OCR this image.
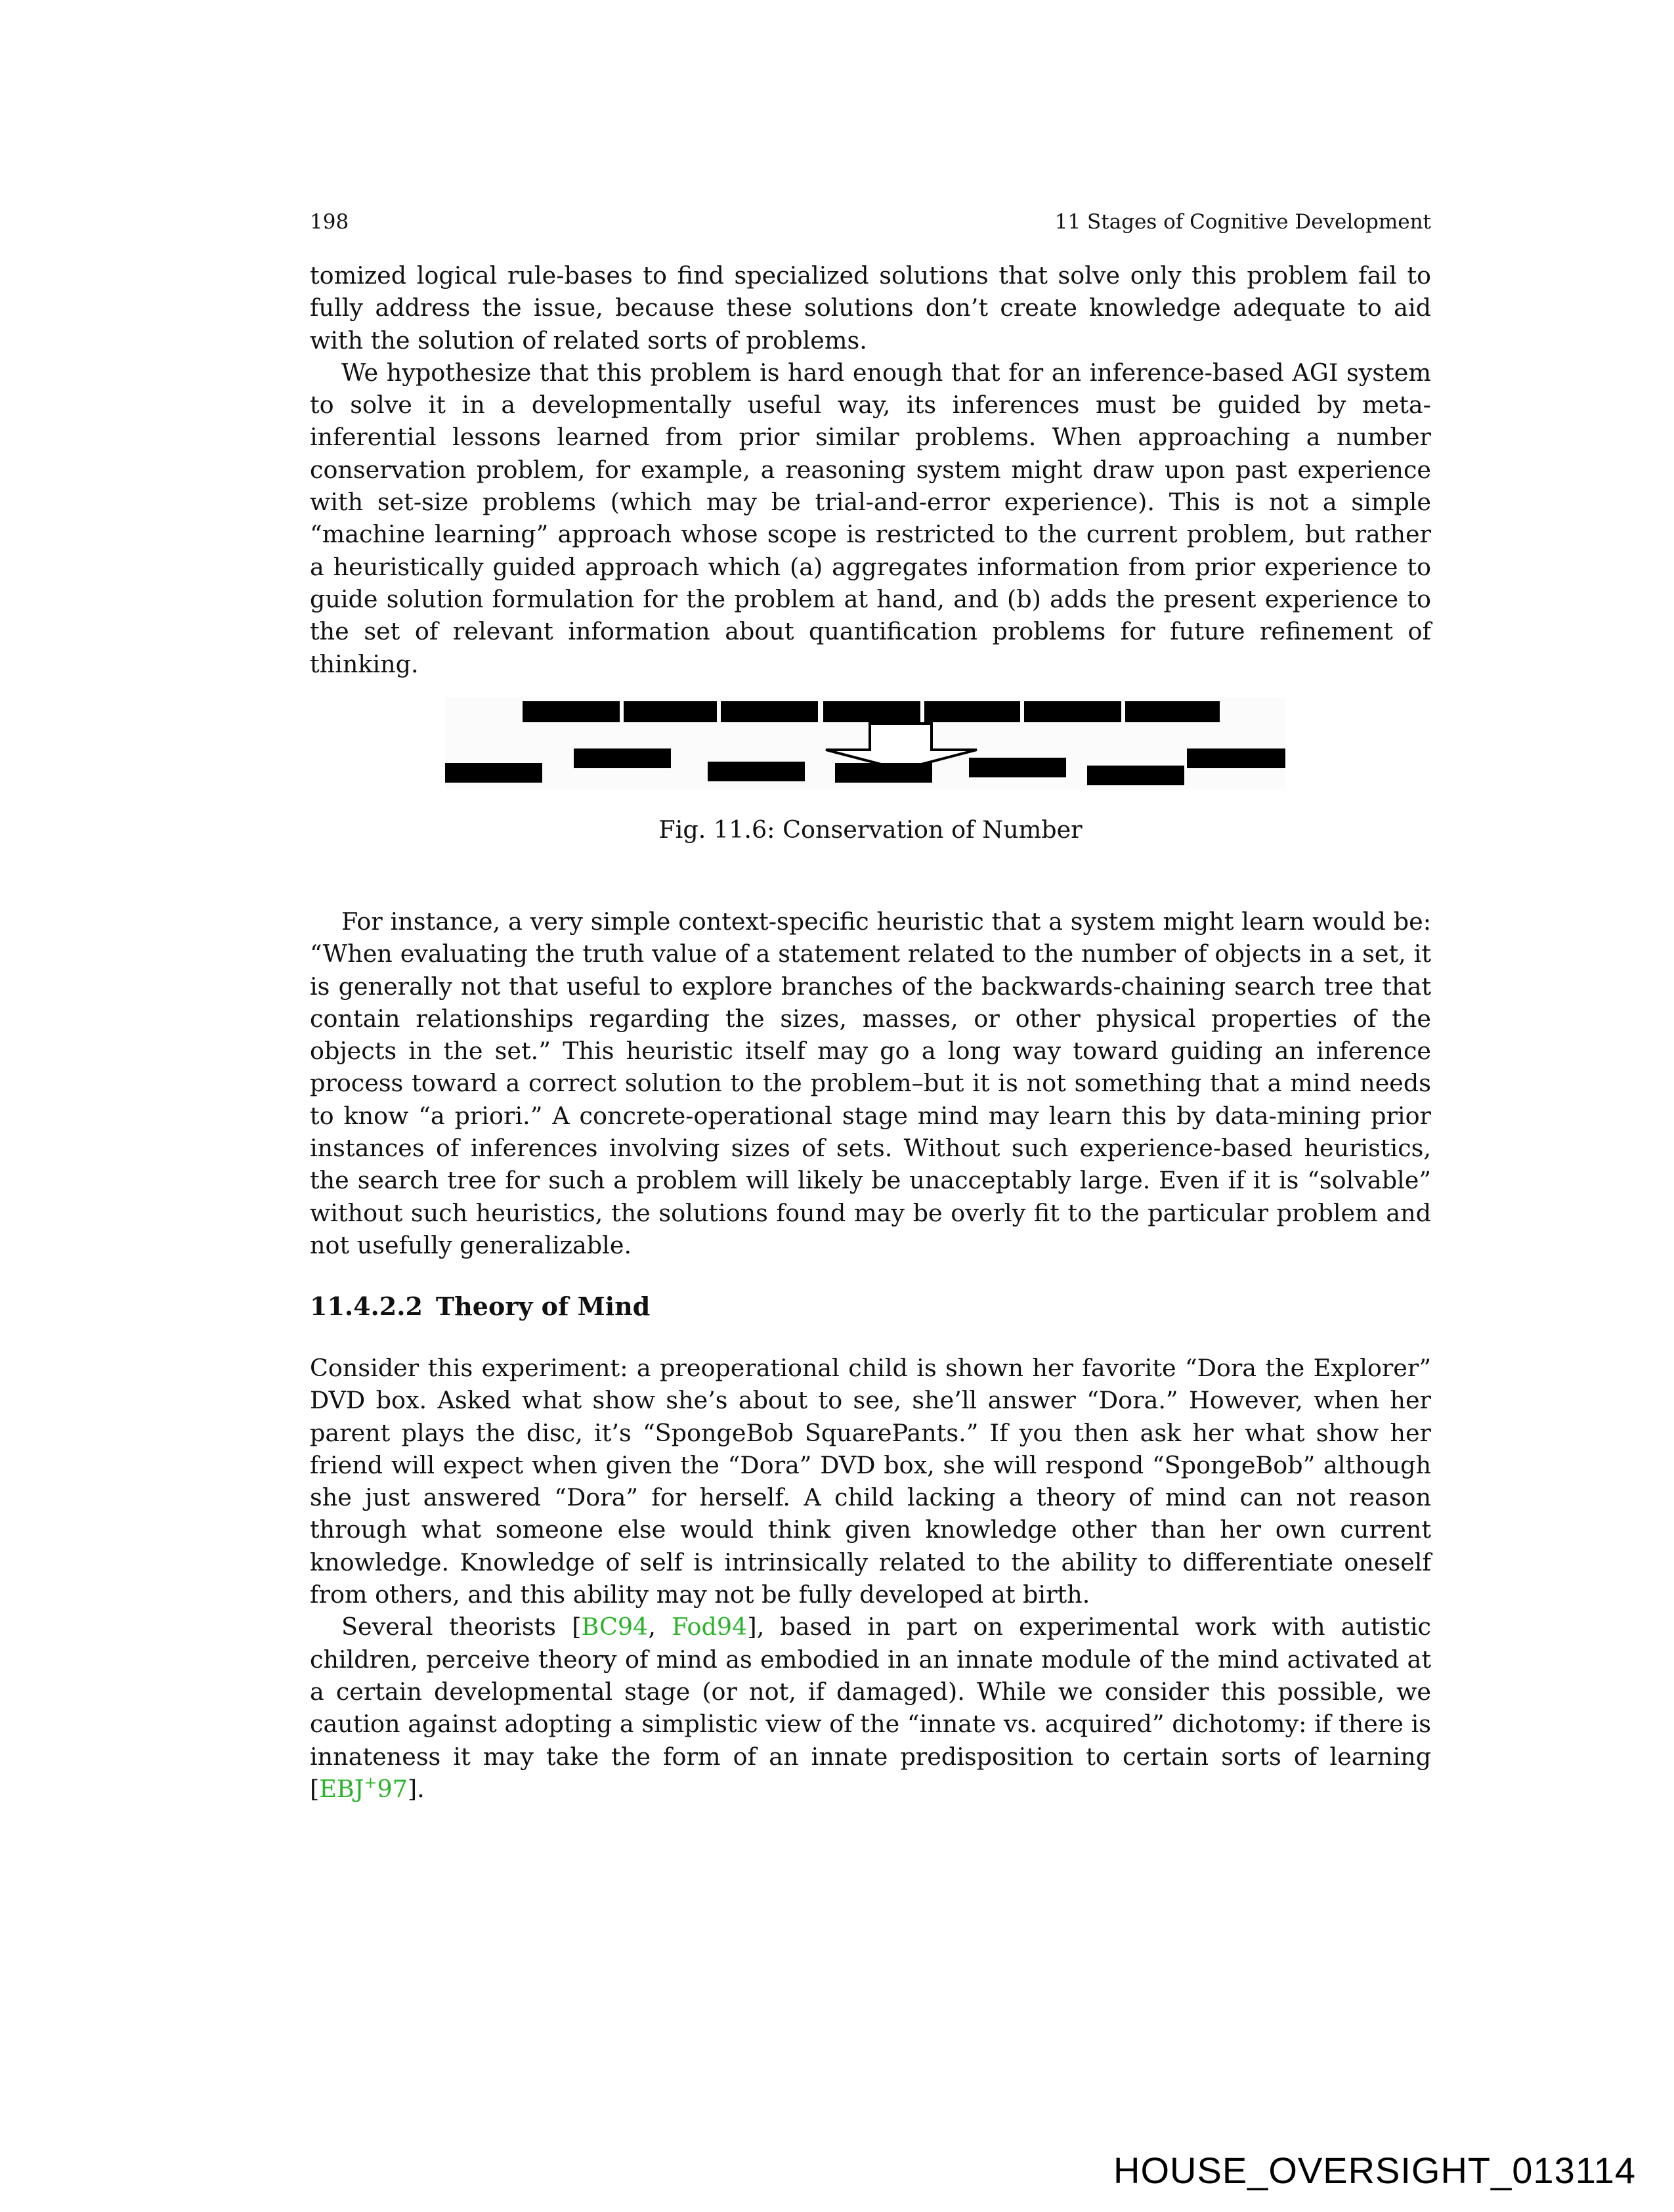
198	11 Stages of Cognitive Development

tomized logical rule-bases to find specialized solutions that solve only this problem fail to fully address the issue, because these solutions don’t create knowledge adequate to aid with the solution of related sorts of problems.

We hypothesize that this problem is hard enough that for an inference-based AGI system to solve it in a developmentally useful way, its inferences must be guided by meta-inferential lessons learned from prior similar problems. When approaching a number conservation problem, for example, a reasoning system might draw upon past experience with set-size problems (which may be trial-and-error experience). This is not a simple “machine learning” approach whose scope is restricted to the current problem, but rather a heuristically guided approach which (a) aggregates information from prior experience to guide solution formulation for the problem at hand, and (b) adds the present experience to the set of relevant information about quantification problems for future refinement of thinking.

Fig. 11.6: Conservation of Number

For instance, a very simple context-specific heuristic that a system might learn would be: “When evaluating the truth value of a statement related to the number of objects in a set, it is generally not that useful to explore branches of the backwards-chaining search tree that contain relationships regarding the sizes, masses, or other physical properties of the objects in the set.” This heuristic itself may go a long way toward guiding an inference process toward a correct solution to the problem–but it is not something that a mind needs to know “a priori.” A concrete-operational stage mind may learn this by data-mining prior instances of inferences involving sizes of sets. Without such experience-based heuristics, the search tree for such a problem will likely be unacceptably large. Even if it is “solvable” without such heuristics, the solutions found may be overly fit to the particular problem and not usefully generalizable.

11.4.2.2 Theory of Mind

Consider this experiment: a preoperational child is shown her favorite “Dora the Explorer” DVD box. Asked what show she’s about to see, she’ll answer “Dora.” However, when her parent plays the disc, it’s “SpongeBob SquarePants.” If you then ask her what show her friend will expect when given the “Dora” DVD box, she will respond “SpongeBob” although she just answered “Dora” for herself. A child lacking a theory of mind can not reason through what someone else would think given knowledge other than her own current knowledge. Knowledge of self is intrinsically related to the ability to differentiate oneself from others, and this ability may not be fully developed at birth.

Several theorists [BC94, Fod94], based in part on experimental work with autistic children, perceive theory of mind as embodied in an innate module of the mind activated at a certain developmental stage (or not, if damaged). While we consider this possible, we caution against adopting a simplistic view of the “innate vs. acquired” dichotomy: if there is innateness it may take the form of an innate predisposition to certain sorts of learning [EBJ+97].

HOUSE_OVERSIGHT_013114
